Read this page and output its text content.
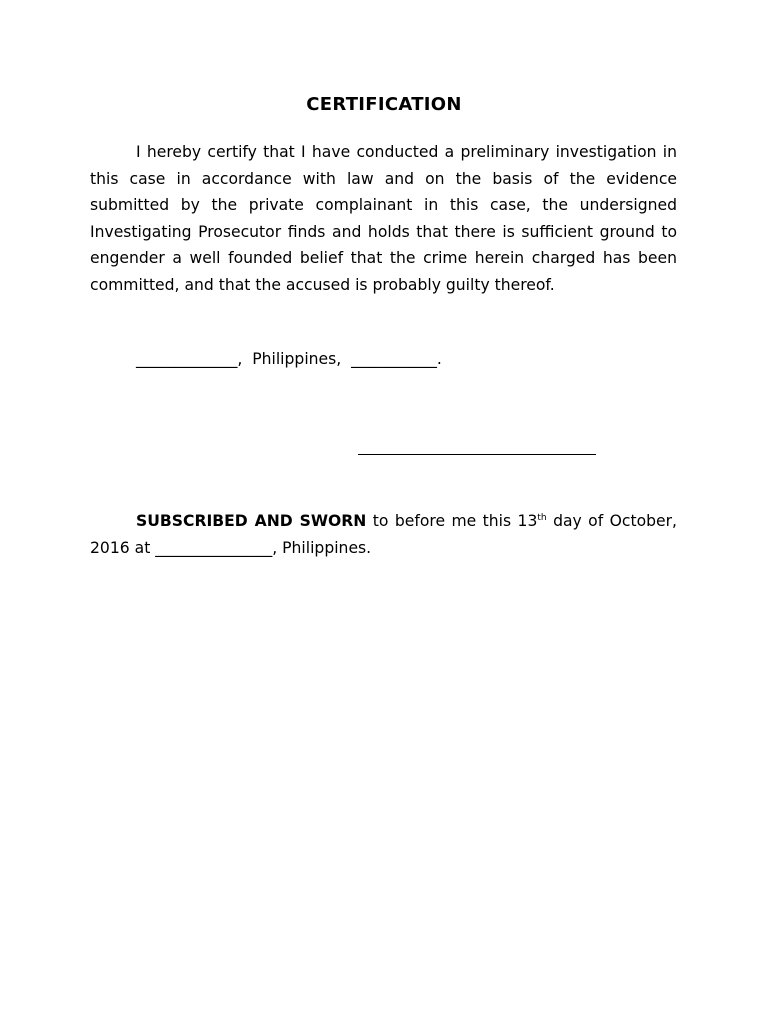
CERTIFICATION

I hereby certify that I have conducted a preliminary investigation in this case in accordance with law and on the basis of the evidence submitted by the private complainant in this case, the undersigned Investigating Prosecutor finds and holds that there is sufficient ground to engender a well founded belief that the crime herein charged has been committed, and that the accused is probably guilty thereof.

_____________,  Philippines,  ___________.

SUBSCRIBED AND SWORN to before me this 13th day of October, 2016 at _______________, Philippines.
